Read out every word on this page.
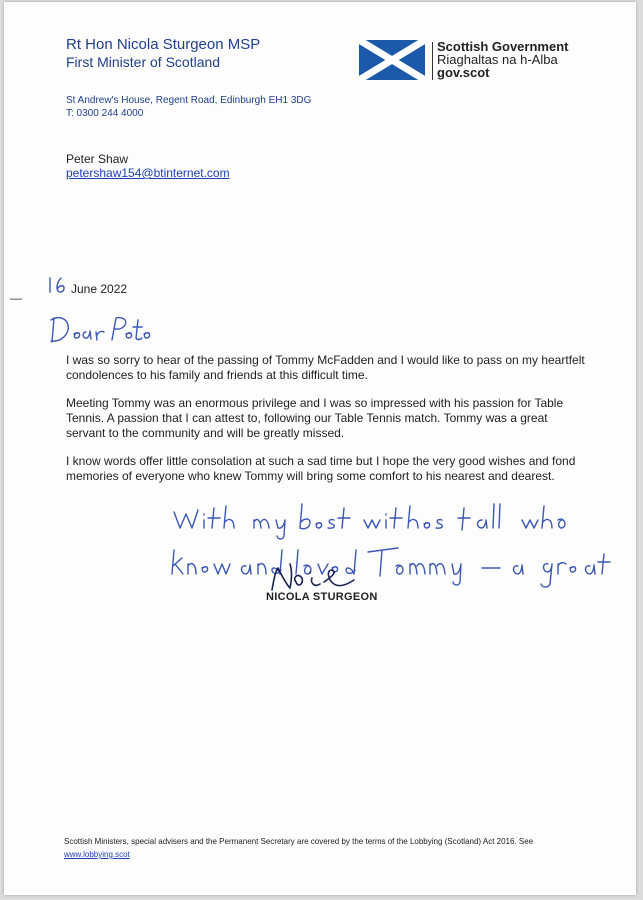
Rt Hon Nicola Sturgeon MSP
First Minister of Scotland
Scottish Government
Riaghaltas na h-Alba
gov.scot
St Andrew's House, Regent Road, Edinburgh EH1 3DG
T: 0300 244 4000
Peter Shaw
petershaw154@btinternet.com
—
June 2022

I was so sorry to hear of the passing of Tommy McFadden and I would like to pass on my heartfelt condolences to his family and friends at this difficult time.

Meeting Tommy was an enormous privilege and I was so impressed with his passion for Table Tennis. A passion that I can attest to, following our Table Tennis match. Tommy was a great servant to the community and will be greatly missed.

I know words offer little consolation at such a sad time but I hope the very good wishes and fond memories of everyone who knew Tommy will bring some comfort to his nearest and dearest.

NICOLA STURGEON
Scottish Ministers, special advisers and the Permanent Secretary are covered by the terms of the Lobbying (Scotland) Act 2016. See www.lobbying.scot
